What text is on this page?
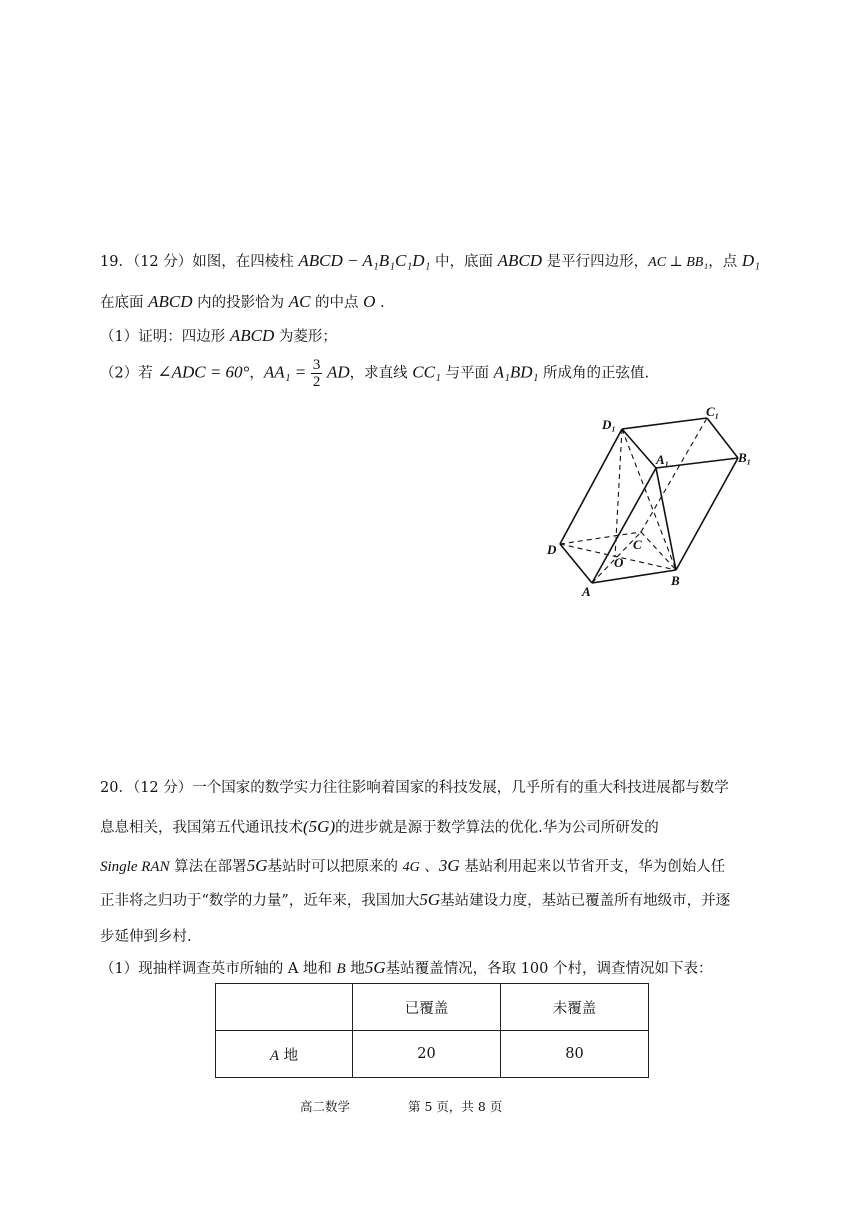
19．（12 分）如图，在四棱柱 ABCD − A₁B₁C₁D₁ 中，底面 ABCD 是平行四边形，AC ⊥ BB₁，点 D₁
在底面 ABCD 内的投影恰为 AC 的中点 O .
（1）证明：四边形 ABCD 为菱形；
（2）若 ∠ADC = 60°，$AA_1 = \frac{3}{2}$ AD，求直线 CC₁ 与平面 A₁BD₁ 所成角的正弦值.
D₁
C₁
A₁	B₁
D	C
O
A
B
20．（12 分）一个国家的数学实力往往影响着国家的科技发展，几乎所有的重大科技进展都与数学
息息相关，我国第五代通讯技术(5G)的进步就是源于数学算法的优化.华为公司所研发的
Single RAN 算法在部署5G基站时可以把原来的 4G 、3G 基站利用起来以节省开支，华为创始人任
正非将之归功于“数学的力量”，近年来，我国加大5G基站建设力度，基站已覆盖所有地级市，并逐
步延伸到乡村.
（1）现抽样调查英市所轴的 A 地和 B 地5G基站覆盖情况，各取 100 个村，调查情况如下表：
	已覆盖	未覆盖
A 地	20	80
高二数学	第 5 页，共 8 页
